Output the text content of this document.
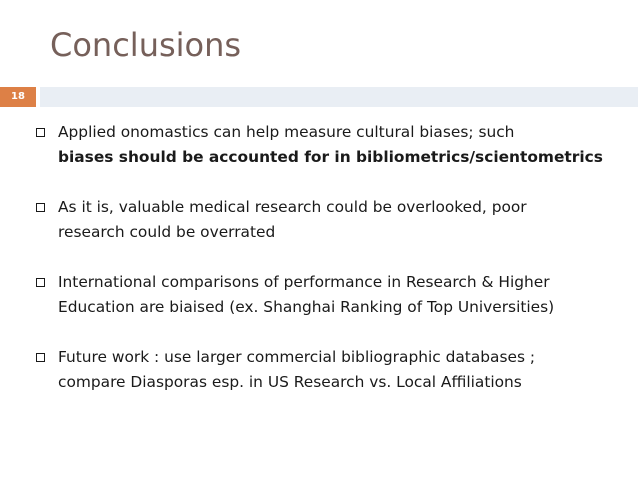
Conclusions
18
Applied onomastics can help measure cultural biases; such
biases should be accounted for in bibliometrics/scientometrics
As it is, valuable medical research could be overlooked, poor
research could be overrated
International comparisons of performance in Research & Higher
Education are biaised (ex. Shanghai Ranking of Top Universities)
Future work : use larger commercial bibliographic databases ;
compare Diasporas esp. in US Research vs. Local Affiliations
